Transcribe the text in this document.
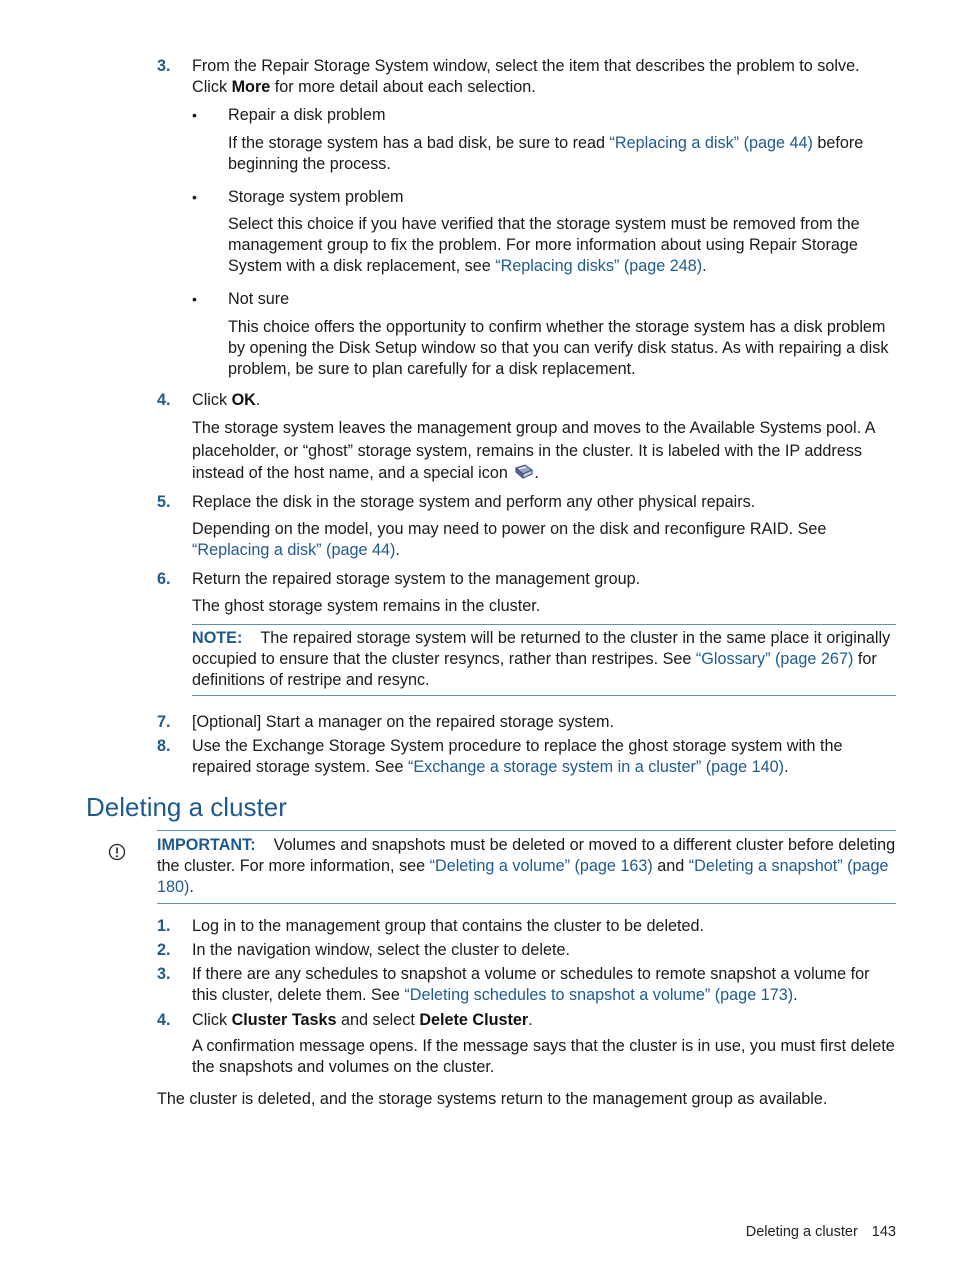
3. From the Repair Storage System window, select the item that describes the problem to solve. Click More for more detail about each selection.
• Repair a disk problem
If the storage system has a bad disk, be sure to read “Replacing a disk” (page 44) before beginning the process.
• Storage system problem
Select this choice if you have verified that the storage system must be removed from the management group to fix the problem. For more information about using Repair Storage System with a disk replacement, see “Replacing disks” (page 248).
• Not sure
This choice offers the opportunity to confirm whether the storage system has a disk problem by opening the Disk Setup window so that you can verify disk status. As with repairing a disk problem, be sure to plan carefully for a disk replacement.
4. Click OK.
The storage system leaves the management group and moves to the Available Systems pool. A placeholder, or “ghost” storage system, remains in the cluster. It is labeled with the IP address instead of the host name, and a special icon .
5. Replace the disk in the storage system and perform any other physical repairs.
Depending on the model, you may need to power on the disk and reconfigure RAID. See “Replacing a disk” (page 44).
6. Return the repaired storage system to the management group.
The ghost storage system remains in the cluster.
NOTE: The repaired storage system will be returned to the cluster in the same place it originally occupied to ensure that the cluster resyncs, rather than restripes. See “Glossary” (page 267) for definitions of restripe and resync.
7. [Optional] Start a manager on the repaired storage system.
8. Use the Exchange Storage System procedure to replace the ghost storage system with the repaired storage system. See “Exchange a storage system in a cluster” (page 140).
Deleting a cluster
IMPORTANT: Volumes and snapshots must be deleted or moved to a different cluster before deleting the cluster. For more information, see “Deleting a volume” (page 163) and “Deleting a snapshot” (page 180).
1. Log in to the management group that contains the cluster to be deleted.
2. In the navigation window, select the cluster to delete.
3. If there are any schedules to snapshot a volume or schedules to remote snapshot a volume for this cluster, delete them. See “Deleting schedules to snapshot a volume” (page 173).
4. Click Cluster Tasks and select Delete Cluster.
A confirmation message opens. If the message says that the cluster is in use, you must first delete the snapshots and volumes on the cluster.
The cluster is deleted, and the storage systems return to the management group as available.
Deleting a cluster 143
